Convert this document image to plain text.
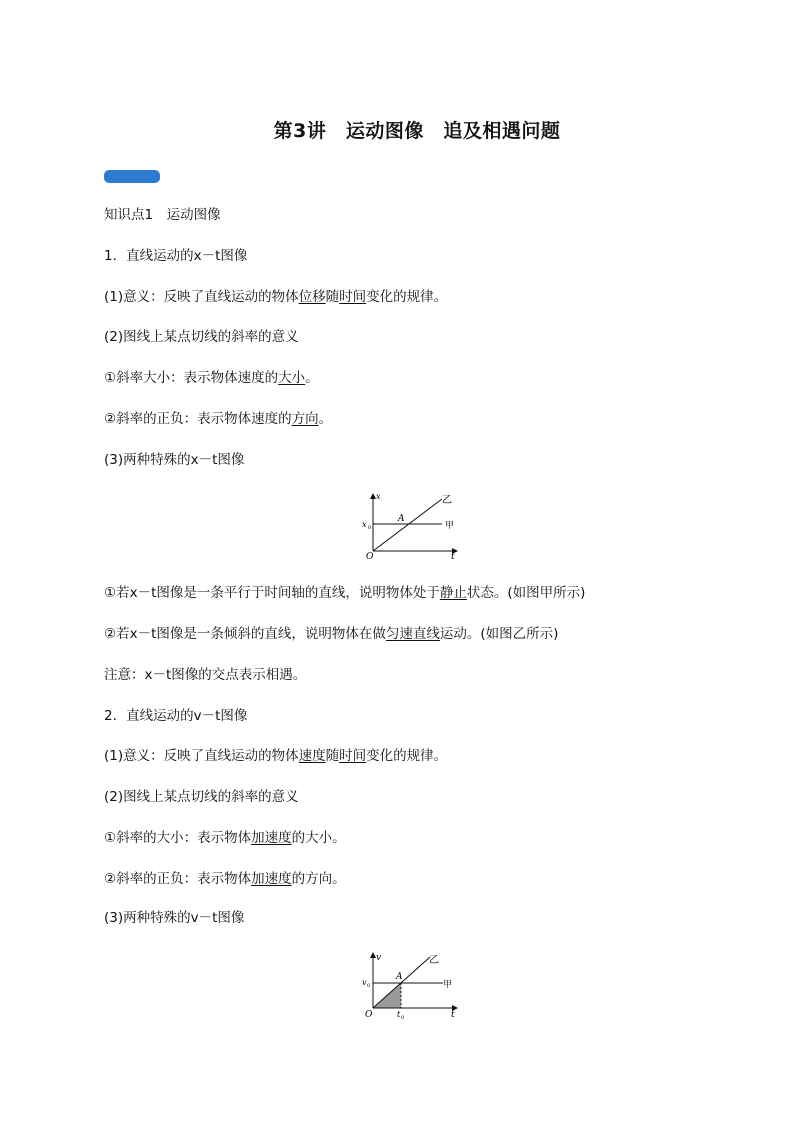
第3讲　运动图像　追及相遇问题
知识点1　运动图像
1．直线运动的x－t图像
(1)意义：反映了直线运动的物体位移随时间变化的规律。
(2)图线上某点切线的斜率的意义
①斜率大小：表示物体速度的大小。
②斜率的正负：表示物体速度的方向。
(3)两种特殊的x－t图像
①若x－t图像是一条平行于时间轴的直线，说明物体处于静止状态。(如图甲所示)
②若x－t图像是一条倾斜的直线，说明物体在做匀速直线运动。(如图乙所示)
注意：x－t图像的交点表示相遇。
2．直线运动的v－t图像
(1)意义：反映了直线运动的物体速度随时间变化的规律。
(2)图线上某点切线的斜率的意义
①斜率的大小：表示物体加速度的大小。
②斜率的正负：表示物体加速度的方向。
(3)两种特殊的v－t图像
x
t
O
x 0
A
甲
乙
v
t
O
v 0
t 0
A
甲
乙
